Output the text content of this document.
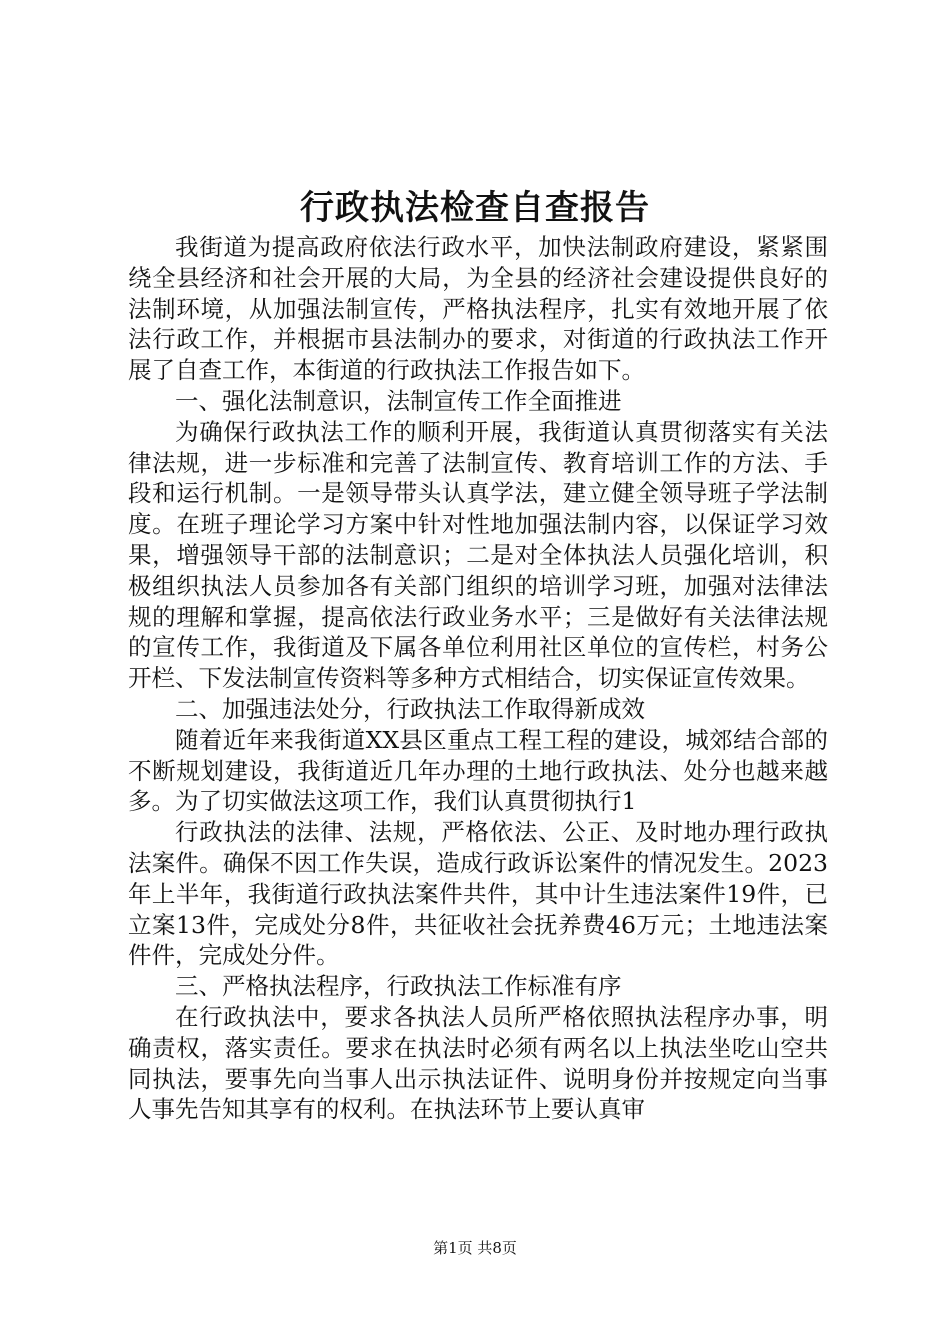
行政执法检查自查报告

我街道为提高政府依法行政水平，加快法制政府建设，紧紧围绕全县经济和社会开展的大局，为全县的经济社会建设提供良好的法制环境，从加强法制宣传，严格执法程序，扎实有效地开展了依法行政工作，并根据市县法制办的要求，对街道的行政执法工作开展了自查工作，本街道的行政执法工作报告如下。

一、强化法制意识，法制宣传工作全面推进

为确保行政执法工作的顺利开展，我街道认真贯彻落实有关法律法规，进一步标准和完善了法制宣传、教育培训工作的方法、手段和运行机制。一是领导带头认真学法，建立健全领导班子学法制度。在班子理论学习方案中针对性地加强法制内容，以保证学习效果，增强领导干部的法制意识；二是对全体执法人员强化培训，积极组织执法人员参加各有关部门组织的培训学习班，加强对法律法规的理解和掌握，提高依法行政业务水平；三是做好有关法律法规的宣传工作，我街道及下属各单位利用社区单位的宣传栏，村务公开栏、下发法制宣传资料等多种方式相结合，切实保证宣传效果。

二、加强违法处分，行政执法工作取得新成效

随着近年来我街道XX县区重点工程工程的建设，城郊结合部的不断规划建设，我街道近几年办理的土地行政执法、处分也越来越多。为了切实做法这项工作，我们认真贯彻执行1

行政执法的法律、法规，严格依法、公正、及时地办理行政执法案件。确保不因工作失误，造成行政诉讼案件的情况发生。2023年上半年，我街道行政执法案件共件，其中计生违法案件19件，已立案13件，完成处分8件，共征收社会抚养费46万元；土地违法案件件，完成处分件。

三、严格执法程序，行政执法工作标准有序

在行政执法中，要求各执法人员所严格依照执法程序办事，明确责权，落实责任。要求在执法时必须有两名以上执法坐吃山空共同执法，要事先向当事人出示执法证件、说明身份并按规定向当事人事先告知其享有的权利。在执法环节上要认真审

第1页 共8页
